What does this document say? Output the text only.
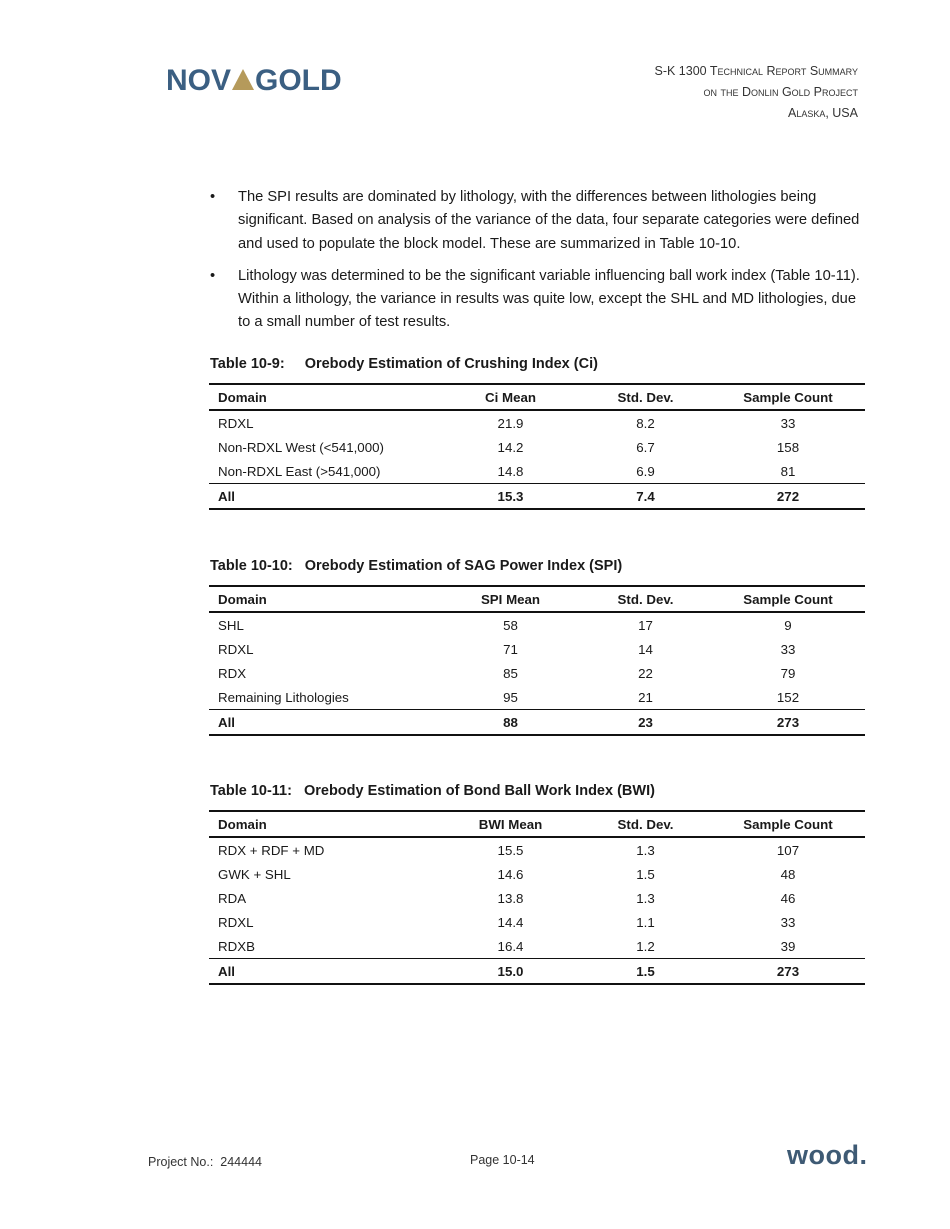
NOV GOLD	S-K 1300 Technical Report Summary
on the Donlin Gold Project
Alaska, USA
• The SPI results are dominated by lithology, with the differences between lithologies being significant. Based on analysis of the variance of the data, four separate categories were defined and used to populate the block model. These are summarized in Table 10-10.
• Lithology was determined to be the significant variable influencing ball work index (Table 10-11). Within a lithology, the variance in results was quite low, except the SHL and MD lithologies, due to a small number of test results.
Table 10-9: Orebody Estimation of Crushing Index (Ci)
Domain	Ci Mean	Std. Dev.	Sample Count
RDXL	21.9	8.2	33
Non-RDXL West (<541,000)	14.2	6.7	158
Non-RDXL East (>541,000)	14.8	6.9	81
All	15.3	7.4	272
Table 10-10: Orebody Estimation of SAG Power Index (SPI)
Domain	SPI Mean	Std. Dev.	Sample Count
SHL	58	17	9
RDXL	71	14	33
RDX	85	22	79
Remaining Lithologies	95	21	152
All	88	23	273
Table 10-11: Orebody Estimation of Bond Ball Work Index (BWI)
Domain	BWI Mean	Std. Dev.	Sample Count
RDX + RDF + MD	15.5	1.3	107
GWK + SHL	14.6	1.5	48
RDA	13.8	1.3	46
RDXL	14.4	1.1	33
RDXB	16.4	1.2	39
All	15.0	1.5	273
Project No.: 244444	Page 10-14	wood.
